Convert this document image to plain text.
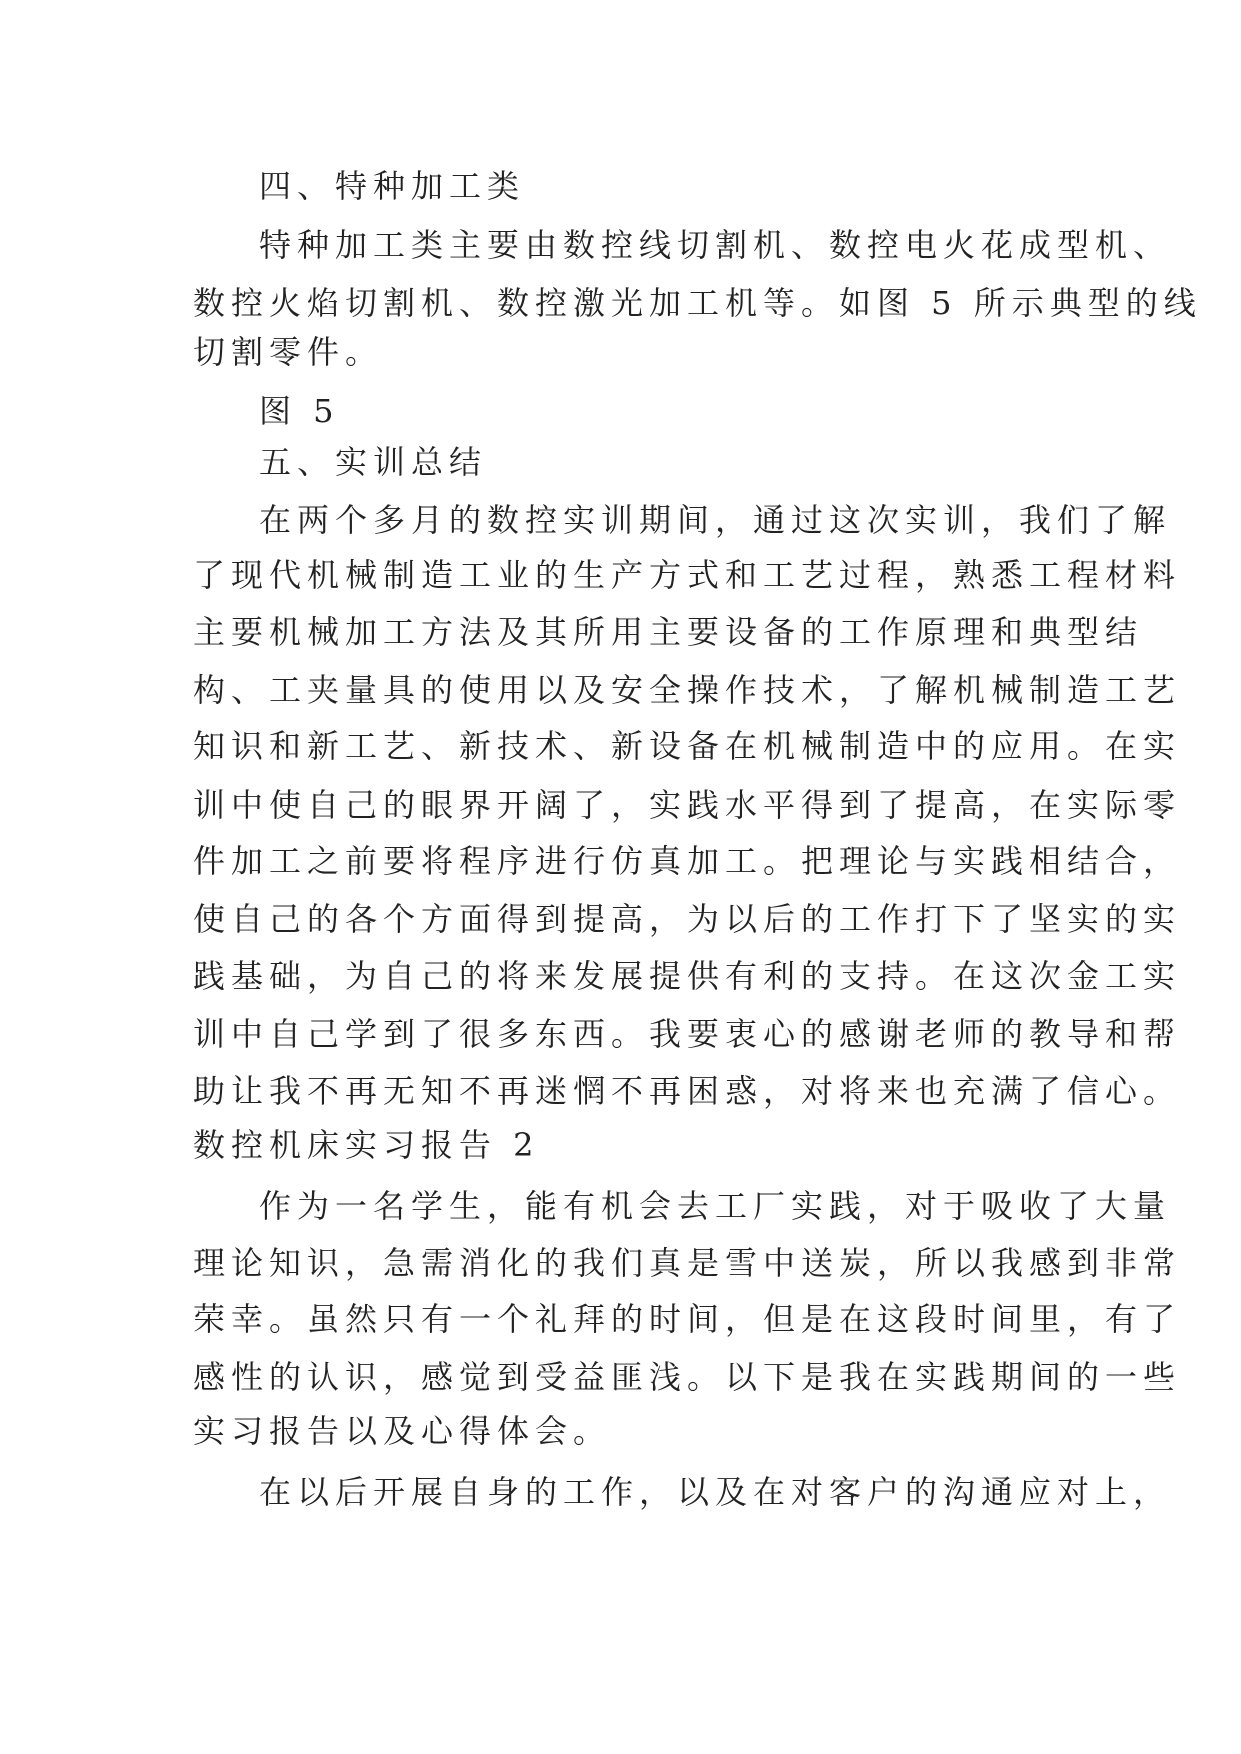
四、特种加工类
特种加工类主要由数控线切割机、数控电火花成型机、
数控火焰切割机、数控激光加工机等。如图 5 所示典型的线
切割零件。
图 5
五、实训总结
在两个多月的数控实训期间，通过这次实训，我们了解
了现代机械制造工业的生产方式和工艺过程，熟悉工程材料
主要机械加工方法及其所用主要设备的工作原理和典型结
构、工夹量具的使用以及安全操作技术，了解机械制造工艺
知识和新工艺、新技术、新设备在机械制造中的应用。在实
训中使自己的眼界开阔了，实践水平得到了提高，在实际零
件加工之前要将程序进行仿真加工。把理论与实践相结合，
使自己的各个方面得到提高，为以后的工作打下了坚实的实
践基础，为自己的将来发展提供有利的支持。在这次金工实
训中自己学到了很多东西。我要衷心的感谢老师的教导和帮
助让我不再无知不再迷惘不再困惑，对将来也充满了信心。
数控机床实习报告 2
作为一名学生，能有机会去工厂实践，对于吸收了大量
理论知识，急需消化的我们真是雪中送炭，所以我感到非常
荣幸。虽然只有一个礼拜的时间，但是在这段时间里，有了
感性的认识，感觉到受益匪浅。以下是我在实践期间的一些
实习报告以及心得体会。
在以后开展自身的工作，以及在对客户的沟通应对上，
